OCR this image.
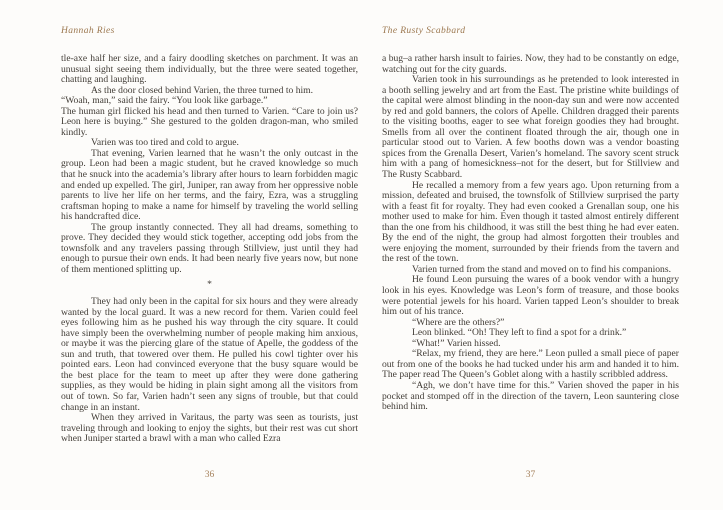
Hannah Ries

tle-axe half her size, and a fairy doodling sketches on parchment. It was an unusual sight seeing them individually, but the three were seated together, chatting and laughing.

As the door closed behind Varien, the three turned to him.

“Woah, man,” said the fairy. “You look like garbage.”

The human girl flicked his head and then turned to Varien. “Care to join us? Leon here is buying.” She gestured to the golden dragon-man, who smiled kindly.

Varien was too tired and cold to argue.

That evening, Varien learned that he wasn’t the only outcast in the group. Leon had been a magic student, but he craved knowledge so much that he snuck into the academia’s library after hours to learn forbidden magic and ended up expelled. The girl, Juniper, ran away from her oppressive noble parents to live her life on her terms, and the fairy, Ezra, was a struggling craftsman hoping to make a name for himself by traveling the world selling his handcrafted dice.

The group instantly connected. They all had dreams, something to prove. They decided they would stick together, accepting odd jobs from the townsfolk and any travelers passing through Stillview, just until they had enough to pursue their own ends. It had been nearly five years now, but none of them mentioned splitting up.

*

They had only been in the capital for six hours and they were already wanted by the local guard. It was a new record for them. Varien could feel eyes following him as he pushed his way through the city square. It could have simply been the overwhelming number of people making him anxious, or maybe it was the piercing glare of the statue of Apelle, the goddess of the sun and truth, that towered over them. He pulled his cowl tighter over his pointed ears. Leon had convinced everyone that the busy square would be the best place for the team to meet up after they were done gathering supplies, as they would be hiding in plain sight among all the visitors from out of town. So far, Varien hadn’t seen any signs of trouble, but that could change in an instant.

When they arrived in Varitaus, the party was seen as tourists, just traveling through and looking to enjoy the sights, but their rest was cut short when Juniper started a brawl with a man who called Ezra

36
The Rusty Scabbard

a bug–a rather harsh insult to fairies. Now, they had to be constantly on edge, watching out for the city guards.

Varien took in his surroundings as he pretended to look interested in a booth selling jewelry and art from the East. The pristine white buildings of the capital were almost blinding in the noon-day sun and were now accented by red and gold banners, the colors of Apelle. Children dragged their parents to the visiting booths, eager to see what foreign goodies they had brought. Smells from all over the continent floated through the air, though one in particular stood out to Varien. A few booths down was a vendor boasting spices from the Grenalla Desert, Varien’s homeland. The savory scent struck him with a pang of homesickness–not for the desert, but for Stillview and The Rusty Scabbard.

He recalled a memory from a few years ago. Upon returning from a mission, defeated and bruised, the townsfolk of Stillview surprised the party with a feast fit for royalty. They had even cooked a Grenallan soup, one his mother used to make for him. Even though it tasted almost entirely different than the one from his childhood, it was still the best thing he had ever eaten. By the end of the night, the group had almost forgotten their troubles and were enjoying the moment, surrounded by their friends from the tavern and the rest of the town.

Varien turned from the stand and moved on to find his companions.

He found Leon pursuing the wares of a book vendor with a hungry look in his eyes. Knowledge was Leon’s form of treasure, and those books were potential jewels for his hoard. Varien tapped Leon’s shoulder to break him out of his trance.

“Where are the others?”

Leon blinked. “Oh! They left to find a spot for a drink.”

“What!” Varien hissed.

“Relax, my friend, they are here.” Leon pulled a small piece of paper out from one of the books he had tucked under his arm and handed it to him. The paper read The Queen’s Goblet along with a hastily scribbled address.

“Agh, we don’t have time for this.” Varien shoved the paper in his pocket and stomped off in the direction of the tavern, Leon sauntering close behind him.

37
